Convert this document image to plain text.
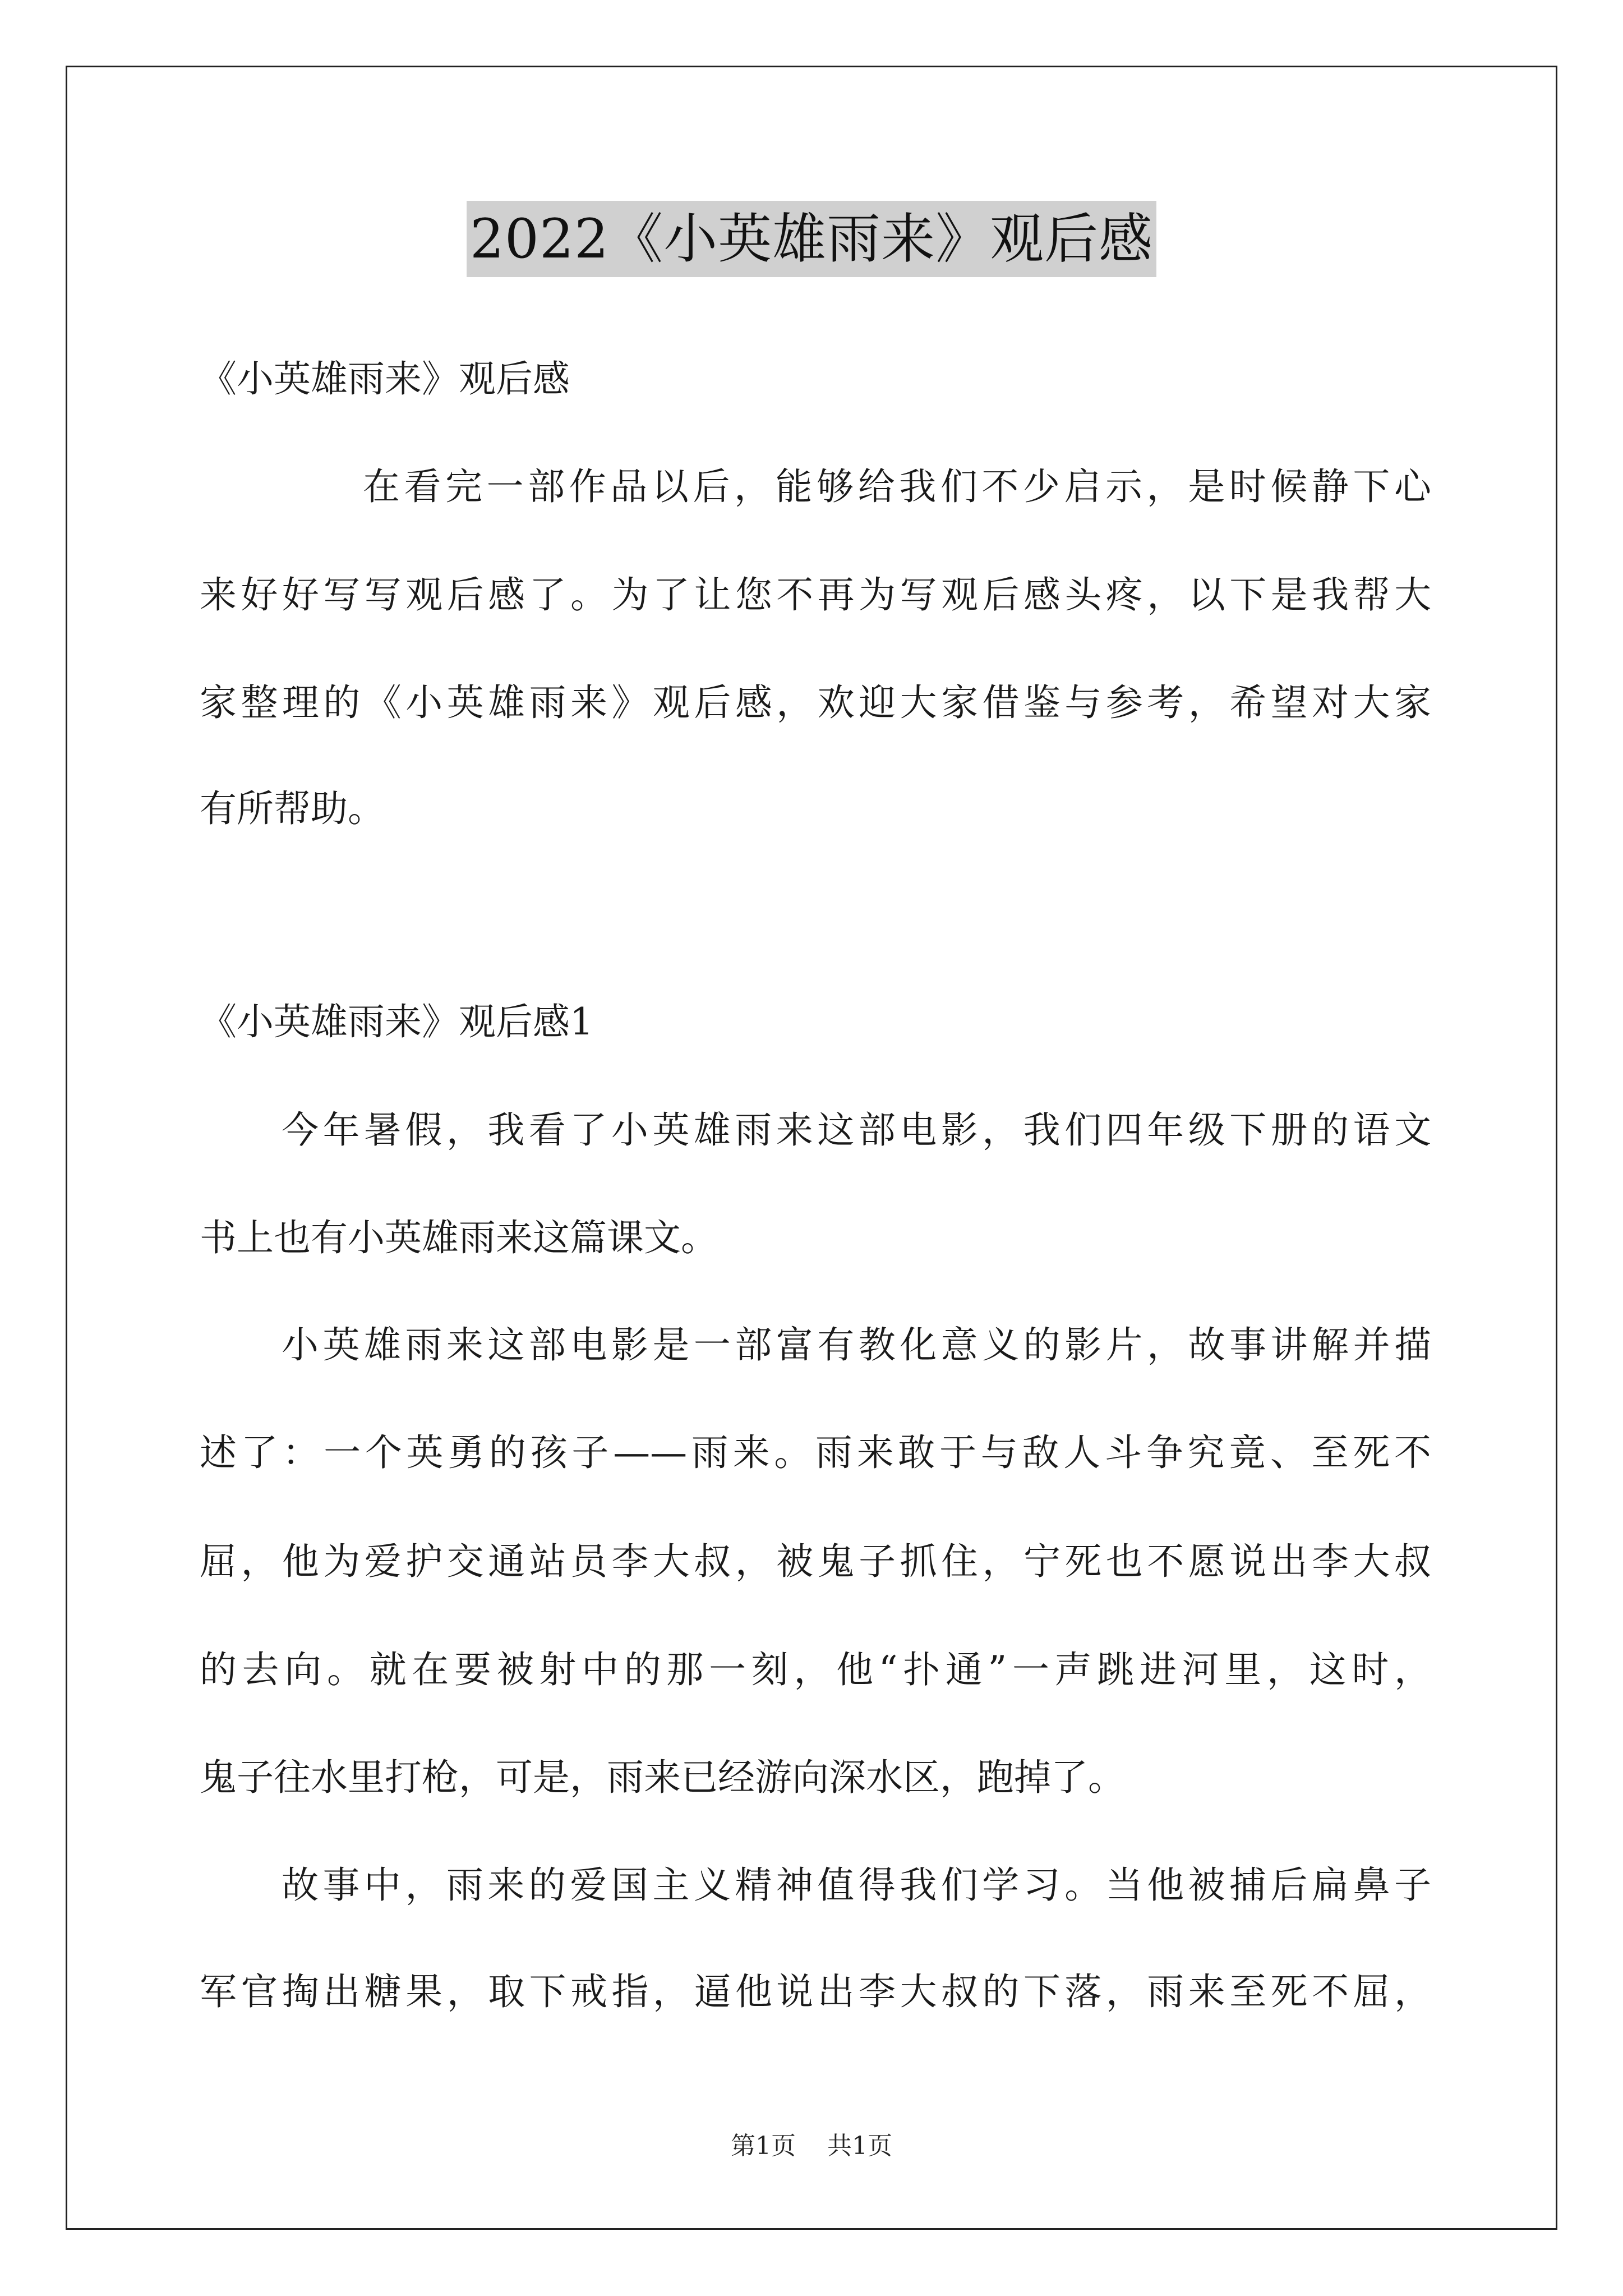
2022《小英雄雨来》观后感
《小英雄雨来》观后感
在看完一部作品以后，能够给我们不少启示，是时候静下心
来好好写写观后感了。为了让您不再为写观后感头疼，以下是我帮大
家整理的《小英雄雨来》观后感，欢迎大家借鉴与参考，希望对大家
有所帮助。
《小英雄雨来》观后感1
今年暑假，我看了小英雄雨来这部电影，我们四年级下册的语文
书上也有小英雄雨来这篇课文。
小英雄雨来这部电影是一部富有教化意义的影片，故事讲解并描
述了：一个英勇的孩子——雨来。雨来敢于与敌人斗争究竟、至死不
屈，他为爱护交通站员李大叔，被鬼子抓住，宁死也不愿说出李大叔
的去向。就在要被射中的那一刻，他“扑通”一声跳进河里，这时，
鬼子往水里打枪，可是，雨来已经游向深水区，跑掉了。
故事中，雨来的爱国主义精神值得我们学习。当他被捕后扁鼻子
军官掏出糖果，取下戒指，逼他说出李大叔的下落，雨来至死不屈，
第1页 共1页
